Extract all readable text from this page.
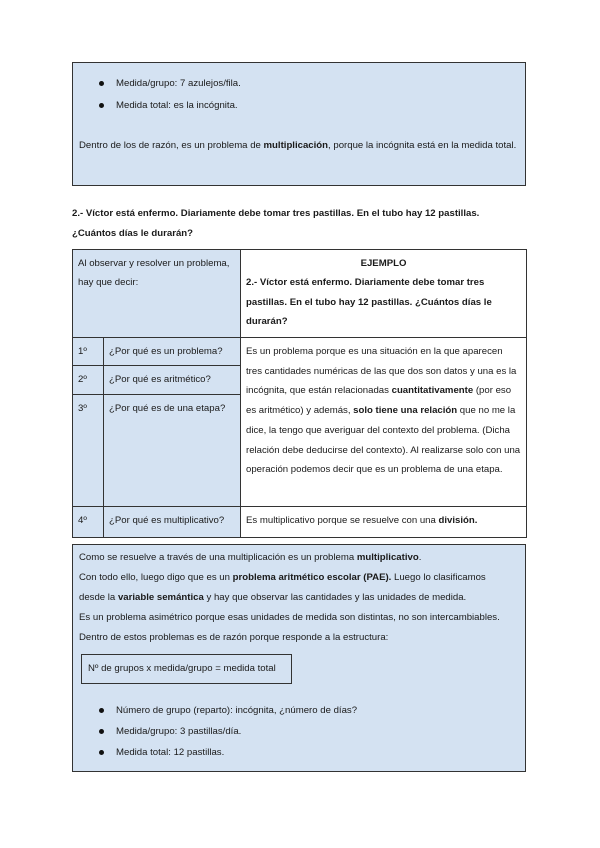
Medida/grupo: 7 azulejos/fila.
Medida total: es la incógnita.
Dentro de los de razón, es un problema de multiplicación, porque la incógnita está en la medida total.
2.- Víctor está enfermo. Diariamente debe tomar tres pastillas. En el tubo hay 12 pastillas.
¿Cuántos días le durarán?
Al observar y resolver un problema, hay que decir:		EJEMPLO
2.- Víctor está enfermo. Diariamente debe tomar tres pastillas. En el tubo hay 12 pastillas. ¿Cuántos días le durarán?

1º	¿Por qué es un problema?	Es un problema porque es una situación en la que aparecen tres cantidades numéricas de las que dos son datos y una es la incógnita, que están relacionadas cuantitativamente (por eso es aritmético) y además, solo tiene una relación que no me la dice, la tengo que averiguar del contexto del problema. (Dicha relación debe deducirse del contexto). Al realizarse solo con una operación podemos decir que es un problema de una etapa.
2º	¿Por qué es aritmético?	
3º	¿Por qué es de una etapa?	
4º	¿Por qué es multiplicativo?	Es multiplicativo porque se resuelve con una división.
Como se resuelve a través de una multiplicación es un problema multiplicativo.
Con todo ello, luego digo que es un problema aritmético escolar (PAE). Luego lo clasificamos
desde la variable semántica y hay que observar las cantidades y las unidades de medida.
Es un problema asimétrico porque esas unidades de medida son distintas, no son intercambiables.
Dentro de estos problemas es de razón porque responde a la estructura:
Nº de grupos x medida/grupo = medida total
Número de grupo (reparto): incógnita, ¿número de días?
Medida/grupo: 3 pastillas/día.
Medida total: 12 pastillas.
